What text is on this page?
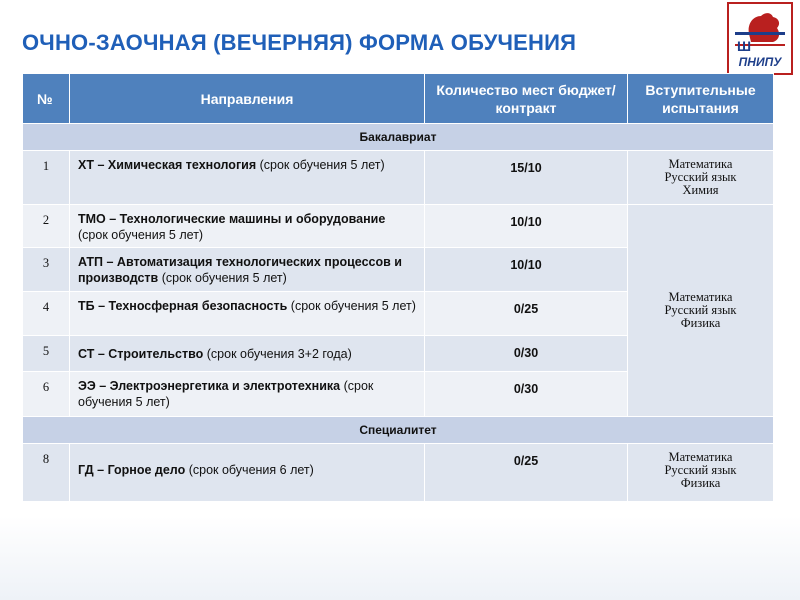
ОЧНО-ЗАОЧНАЯ (ВЕЧЕРНЯЯ) ФОРМА ОБУЧЕНИЯ	Ш
ПНИПУ
№	Направления	Количество мест бюджет/контракт	Вступительные испытания
Бакалавриат			
1	ХТ – Химическая технология (срок обучения 5 лет)	15/10	Математика
Русский язык
Химия

2	ТМО – Технологические машины и оборудование (срок обучения 5 лет)	10/10	Математика
Русский язык
Физика

3	АТП – Автоматизация технологических процессов и производств (срок обучения 5 лет)	10/10	
4	ТБ – Техносферная безопасность (срок обучения 5 лет)	0/25	
5	СТ – Строительство (срок обучения 3+2 года)	0/30	
6	ЭЭ – Электроэнергетика и электротехника (срок обучения 5 лет)	0/30	
Специалитет			
8	ГД – Горное дело (срок обучения 6 лет)	0/25	Математика
Русский язык
Физика
